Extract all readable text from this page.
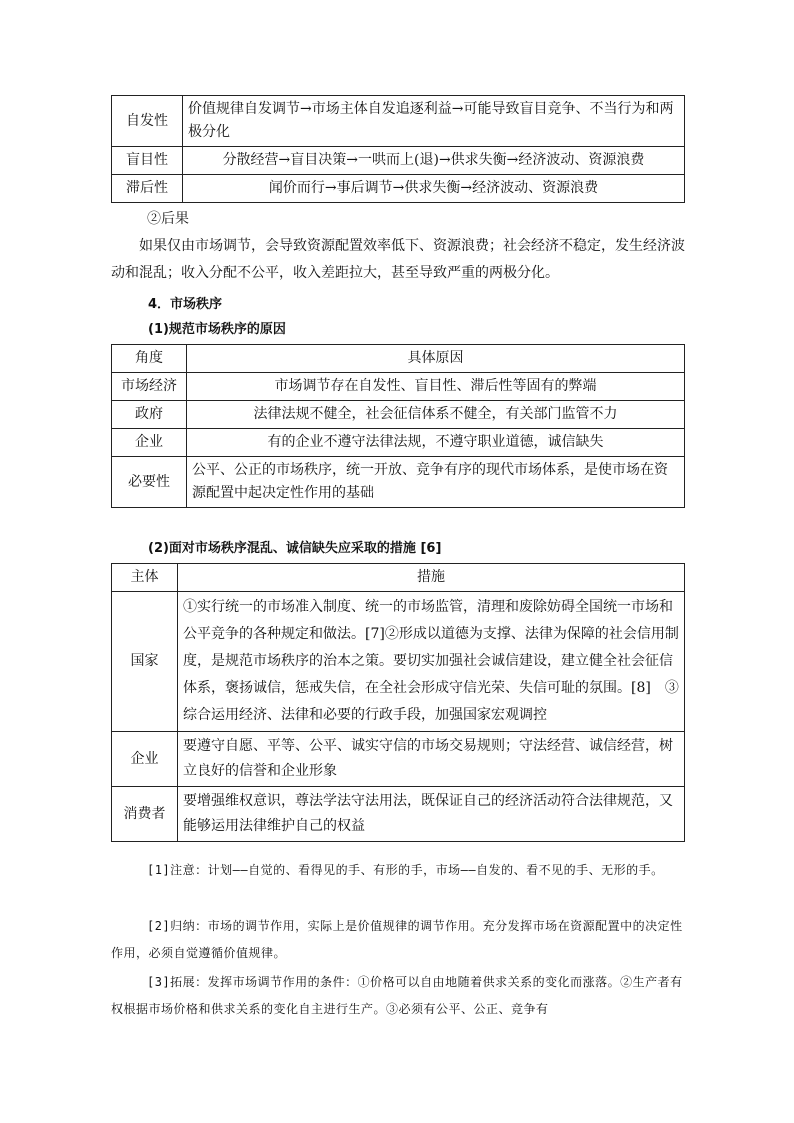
自发性	价值规律自发调节→市场主体自发追逐利益→可能导致盲目竞争、不当行为和两极分化
盲目性	分散经营→盲目决策→一哄而上(退)→供求失衡→经济波动、资源浪费
滞后性	闻价而行→事后调节→供求失衡→经济波动、资源浪费

②后果

如果仅由市场调节，会导致资源配置效率低下、资源浪费；社会经济不稳定，发生经济波动和混乱；收入分配不公平，收入差距拉大，甚至导致严重的两极分化。

4．市场秩序

(1)规范市场秩序的原因

角度	具体原因
市场经济	市场调节存在自发性、盲目性、滞后性等固有的弊端
政府	法律法规不健全，社会征信体系不健全，有关部门监管不力
企业	有的企业不遵守法律法规，不遵守职业道德，诚信缺失
必要性	公平、公正的市场秩序，统一开放、竞争有序的现代市场体系，是使市场在资源配置中起决定性作用的基础

(2)面对市场秩序混乱、诚信缺失应采取的措施 [6]

主体	措施
国家	①实行统一的市场准入制度、统一的市场监管，清理和废除妨碍全国统一市场和公平竞争的各种规定和做法。[7]②形成以道德为支撑、法律为保障的社会信用制度，是规范市场秩序的治本之策。要切实加强社会诚信建设，建立健全社会征信体系，褒扬诚信，惩戒失信，在全社会形成守信光荣、失信可耻的氛围。[8]　③综合运用经济、法律和必要的行政手段，加强国家宏观调控
企业	要遵守自愿、平等、公平、诚实守信的市场交易规则；守法经营、诚信经营，树立良好的信誉和企业形象
消费者	要增强维权意识，尊法学法守法用法，既保证自己的经济活动符合法律规范，又能够运用法律维护自己的权益

[1]注意：计划——自觉的、看得见的手、有形的手，市场——自发的、看不见的手、无形的手。

[2]归纳：市场的调节作用，实际上是价值规律的调节作用。充分发挥市场在资源配置中的决定性作用，必须自觉遵循价值规律。

[3]拓展：发挥市场调节作用的条件：①价格可以自由地随着供求关系的变化而涨落。②生产者有权根据市场价格和供求关系的变化自主进行生产。③必须有公平、公正、竞争有
